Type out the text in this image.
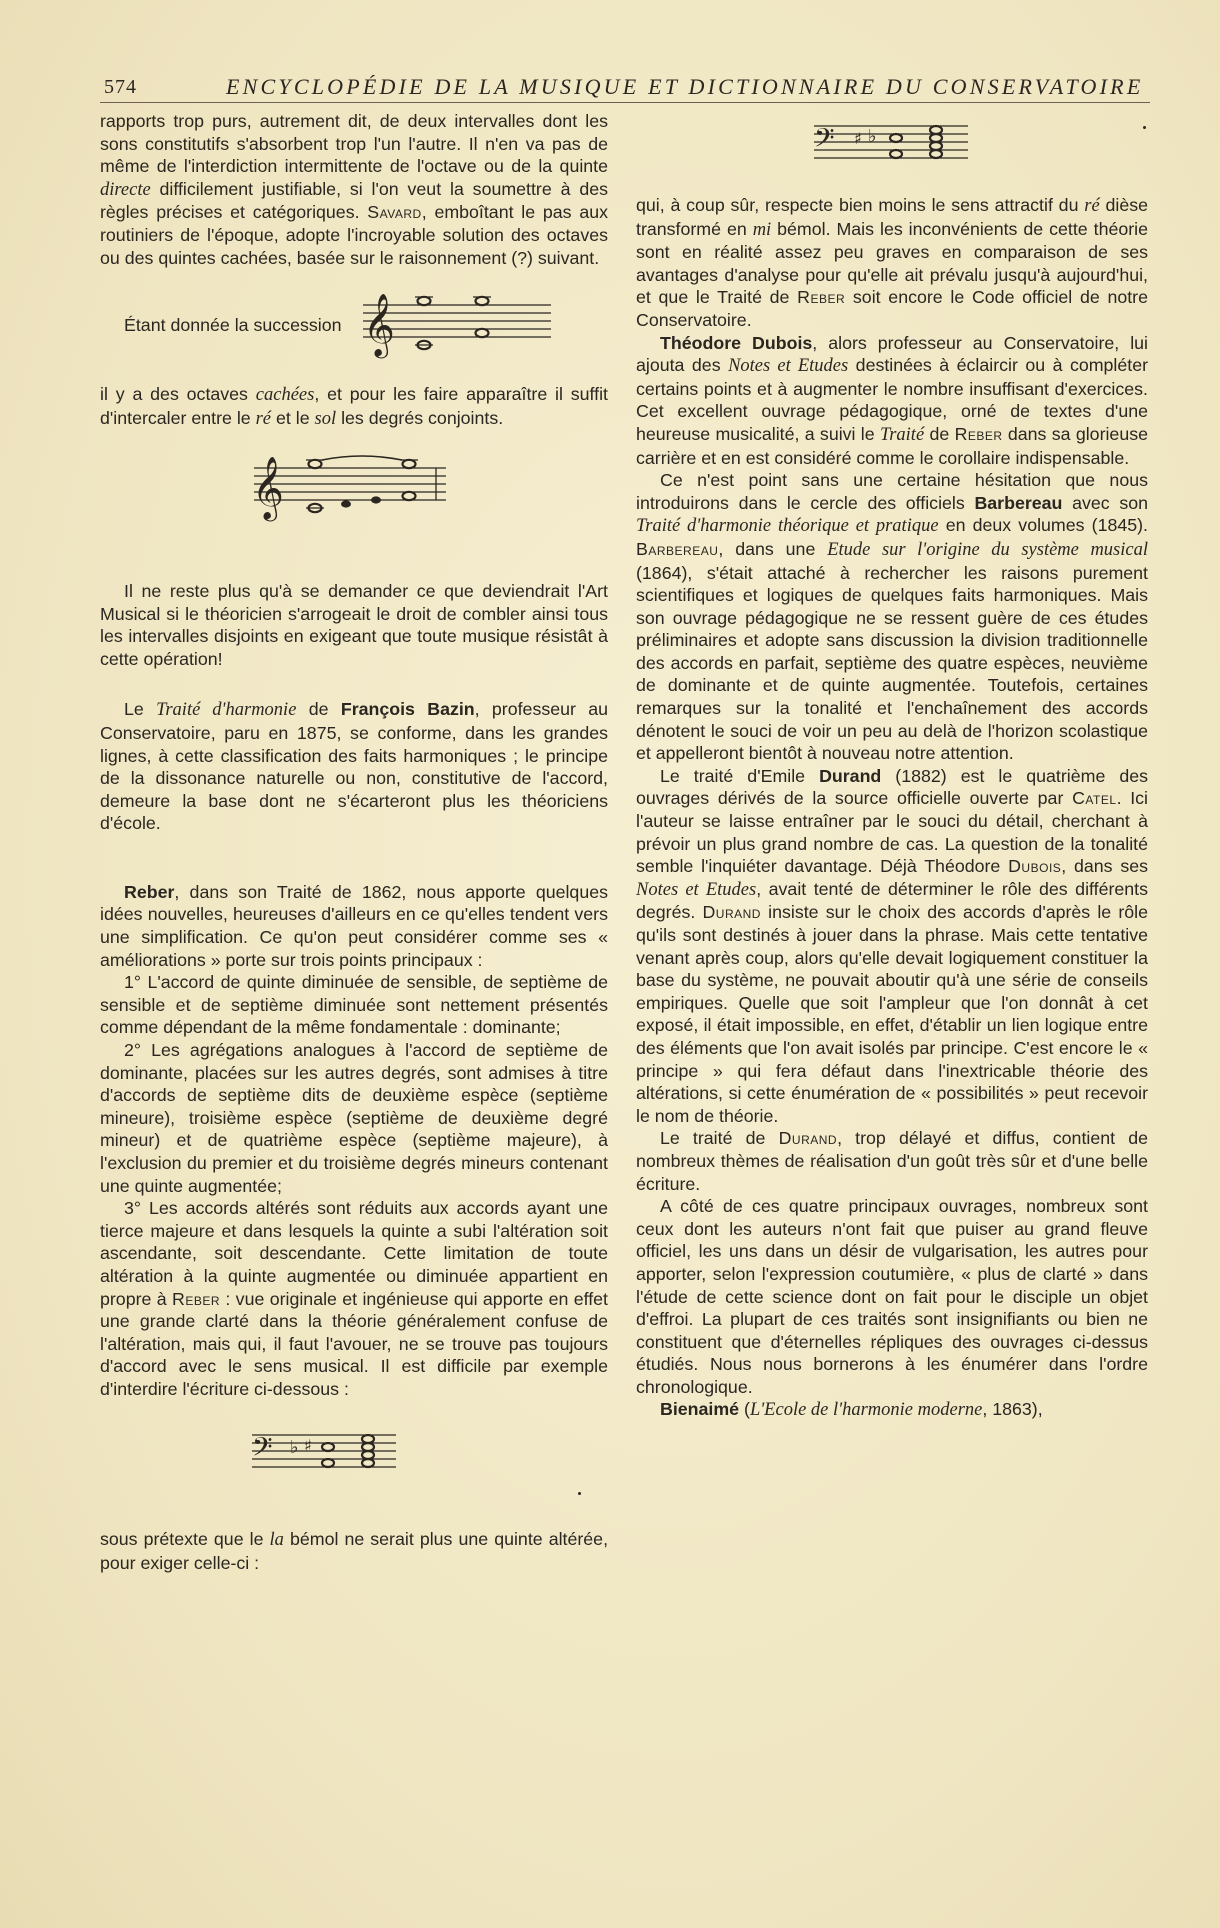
574	ENCYCLOPÉDIE DE LA MUSIQUE ET DICTIONNAIRE DU CONSERVATOIRE

rapports trop purs, autrement dit, de deux intervalles dont les sons constitutifs s'absorbent trop l'un l'autre. Il n'en va pas de même de l'interdiction intermittente de l'octave ou de la quinte directe difficilement justifiable, si l'on veut la soumettre à des règles précises et catégoriques. Savard, emboîtant le pas aux routiniers de l'époque, adopte l'incroyable solution des octaves ou des quintes cachées, basée sur le raisonnement (?) suivant.

Étant donnée la succession 𝄞

il y a des octaves cachées, et pour les faire apparaître il suffit d'intercaler entre le ré et le sol les degrés conjoints.

𝄞

Il ne reste plus qu'à se demander ce que deviendrait l'Art Musical si le théoricien s'arrogeait le droit de combler ainsi tous les intervalles disjoints en exigeant que toute musique résistât à cette opération!

Le Traité d'harmonie de François Bazin, professeur au Conservatoire, paru en 1875, se conforme, dans les grandes lignes, à cette classification des faits harmoniques ; le principe de la dissonance naturelle ou non, constitutive de l'accord, demeure la base dont ne s'écarteront plus les théoriciens d'école.

Reber, dans son Traité de 1862, nous apporte quelques idées nouvelles, heureuses d'ailleurs en ce qu'elles tendent vers une simplification. Ce qu'on peut considérer comme ses « améliorations » porte sur trois points principaux :

1° L'accord de quinte diminuée de sensible, de septième de sensible et de septième diminuée sont nettement présentés comme dépendant de la même fondamentale : dominante;

2° Les agrégations analogues à l'accord de septième de dominante, placées sur les autres degrés, sont admises à titre d'accords de septième dits de deuxième espèce (septième mineure), troisième espèce (septième de deuxième degré mineur) et de quatrième espèce (septième majeure), à l'exclusion du premier et du troisième degrés mineurs contenant une quinte augmentée;

3° Les accords altérés sont réduits aux accords ayant une tierce majeure et dans lesquels la quinte a subi l'altération soit ascendante, soit descendante. Cette limitation de toute altération à la quinte augmentée ou diminuée appartient en propre à Reber : vue originale et ingénieuse qui apporte en effet une grande clarté dans la théorie généralement confuse de l'altération, mais qui, il faut l'avouer, ne se trouve pas toujours d'accord avec le sens musical. Il est difficile par exemple d'interdire l'écriture ci-dessous :

𝄢 ♭ ♯

sous prétexte que le la bémol ne serait plus une quinte altérée, pour exiger celle-ci :

𝄢 ♯ ♭

qui, à coup sûr, respecte bien moins le sens attractif du ré dièse transformé en mi bémol. Mais les inconvénients de cette théorie sont en réalité assez peu graves en comparaison de ses avantages d'analyse pour qu'elle ait prévalu jusqu'à aujourd'hui, et que le Traité de Reber soit encore le Code officiel de notre Conservatoire.

Théodore Dubois, alors professeur au Conservatoire, lui ajouta des Notes et Etudes destinées à éclaircir ou à compléter certains points et à augmenter le nombre insuffisant d'exercices. Cet excellent ouvrage pédagogique, orné de textes d'une heureuse musicalité, a suivi le Traité de Reber dans sa glorieuse carrière et en est considéré comme le corollaire indispensable.

Ce n'est point sans une certaine hésitation que nous introduirons dans le cercle des officiels Barbereau avec son Traité d'harmonie théorique et pratique en deux volumes (1845). Barbereau, dans une Etude sur l'origine du système musical (1864), s'était attaché à rechercher les raisons purement scientifiques et logiques de quelques faits harmoniques. Mais son ouvrage pédagogique ne se ressent guère de ces études préliminaires et adopte sans discussion la division traditionnelle des accords en parfait, septième des quatre espèces, neuvième de dominante et de quinte augmentée. Toutefois, certaines remarques sur la tonalité et l'enchaînement des accords dénotent le souci de voir un peu au delà de l'horizon scolastique et appelleront bientôt à nouveau notre attention.

Le traité d'Emile Durand (1882) est le quatrième des ouvrages dérivés de la source officielle ouverte par Catel. Ici l'auteur se laisse entraîner par le souci du détail, cherchant à prévoir un plus grand nombre de cas. La question de la tonalité semble l'inquiéter davantage. Déjà Théodore Dubois, dans ses Notes et Etudes, avait tenté de déterminer le rôle des différents degrés. Durand insiste sur le choix des accords d'après le rôle qu'ils sont destinés à jouer dans la phrase. Mais cette tentative venant après coup, alors qu'elle devait logiquement constituer la base du système, ne pouvait aboutir qu'à une série de conseils empiriques. Quelle que soit l'ampleur que l'on donnât à cet exposé, il était impossible, en effet, d'établir un lien logique entre des éléments que l'on avait isolés par principe. C'est encore le « principe » qui fera défaut dans l'inextricable théorie des altérations, si cette énumération de « possibilités » peut recevoir le nom de théorie.

Le traité de Durand, trop délayé et diffus, contient de nombreux thèmes de réalisation d'un goût très sûr et d'une belle écriture.

A côté de ces quatre principaux ouvrages, nombreux sont ceux dont les auteurs n'ont fait que puiser au grand fleuve officiel, les uns dans un désir de vulgarisation, les autres pour apporter, selon l'expression coutumière, « plus de clarté » dans l'étude de cette science dont on fait pour le disciple un objet d'effroi. La plupart de ces traités sont insignifiants ou bien ne constituent que d'éternelles répliques des ouvrages ci-dessus étudiés. Nous nous bornerons à les énumérer dans l'ordre chronologique.

Bienaimé (L'Ecole de l'harmonie moderne, 1863),
